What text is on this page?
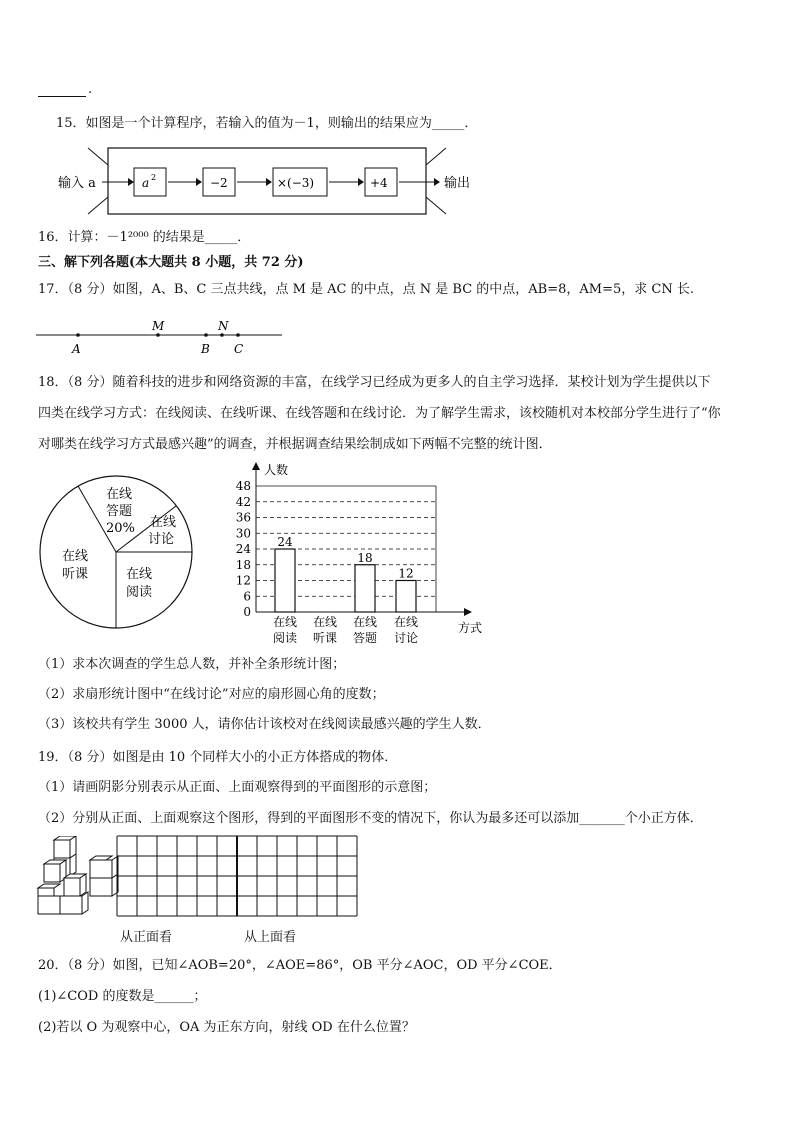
.
15．如图是一个计算程序，若输入的值为－1，则输出的结果应为_____．
输入 a	a 2	−2	×(−3)	+4	输出
16．计算：－1²⁰⁰⁰ 的结果是_____．
三、解下列各题(本大题共 8 小题，共 72 分)
17．（8 分）如图，A、B、C 三点共线，点 M 是 AC 的中点，点 N 是 BC 的中点，AB=8，AM=5，求 CN 长.
A
M
B
N
C
18．（8 分）随着科技的进步和网络资源的丰富，在线学习已经成为更多人的自主学习选择．某校计划为学生提供以下
四类在线学习方式：在线阅读、在线听课、在线答题和在线讨论．为了解学生需求，该校随机对本校部分学生进行了“你
对哪类在线学习方式最感兴趣”的调查，并根据调查结果绘制成如下两幅不完整的统计图．
在线
答题
20% 在线
讨论
在线
听课	在线
阅读
0
6
12
18
24
30
36
42
48
人数
方式
24
在线
阅读
在线
听课
18
在线
答题
12
在线
讨论
（1）求本次调查的学生总人数，并补全条形统计图；
（2）求扇形统计图中“在线讨论”对应的扇形圆心角的度数；
（3）该校共有学生 3000 人，请你估计该校对在线阅读最感兴趣的学生人数．
19．（8 分）如图是由 10 个同样大小的小正方体搭成的物体．
（1）请画阴影分别表示从正面、上面观察得到的平面图形的示意图；
（2）分别从正面、上面观察这个图形，得到的平面图形不变的情况下，你认为最多还可以添加_______个小正方体．
从正面看	从上面看
20．（8 分）如图，已知∠AOB=20°，∠AOE=86°，OB 平分∠AOC，OD 平分∠COE．
(1)∠COD 的度数是______；
(2)若以 O 为观察中心，OA 为正东方向，射线 OD 在什么位置？
